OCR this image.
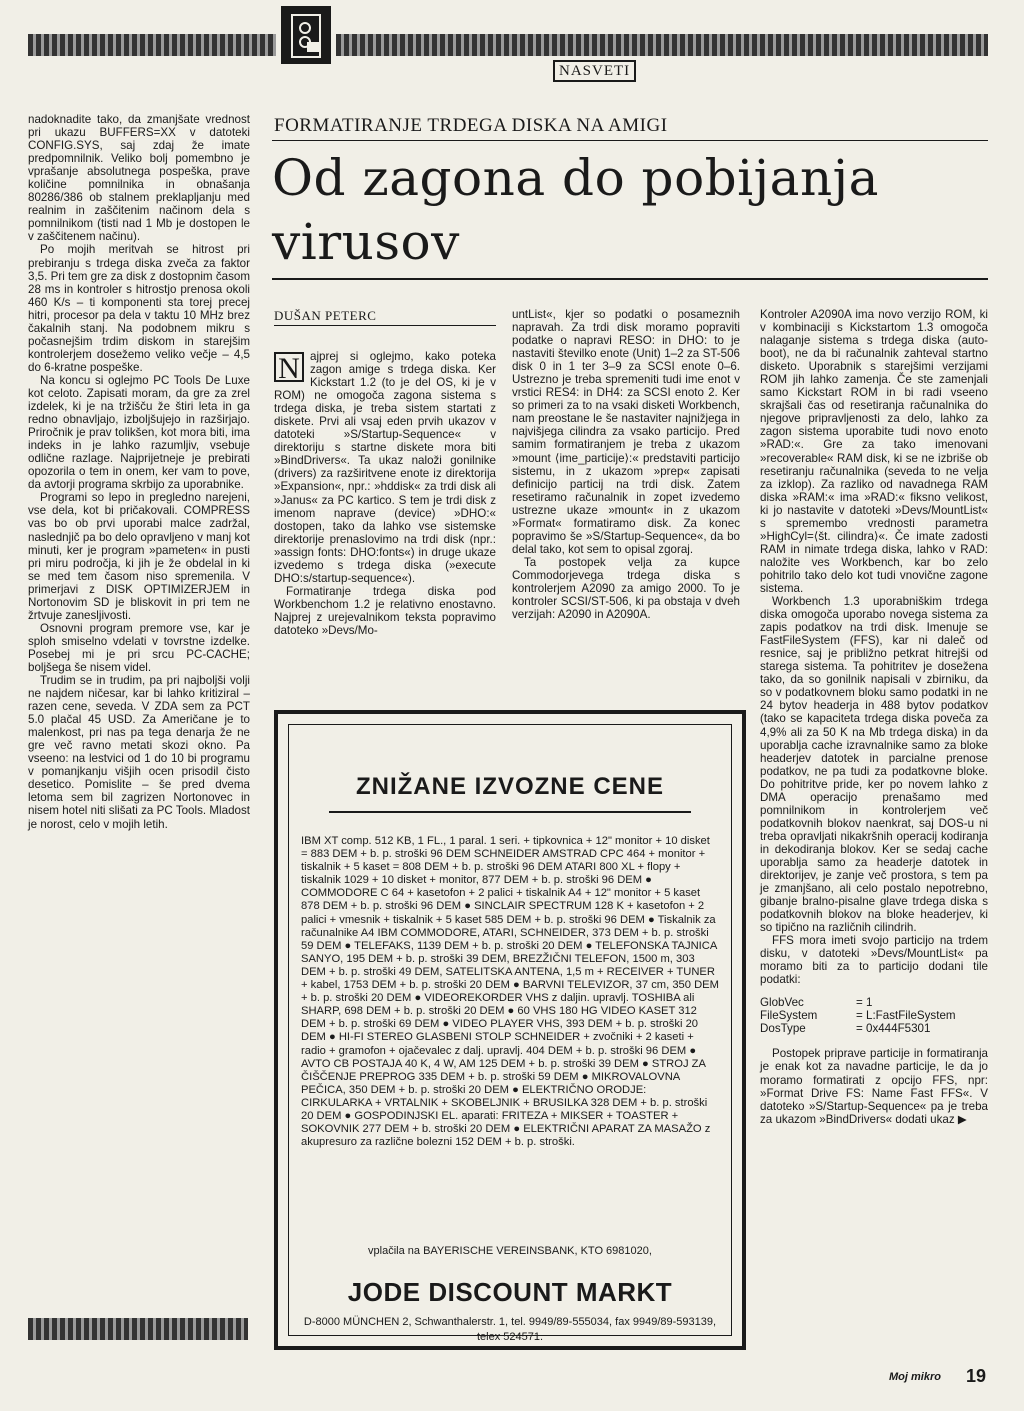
NASVETI

nadoknadite tako, da zmanjšate vrednost pri ukazu BUFFERS=XX v datoteki CONFIG.SYS, saj zdaj že imate predpomnilnik. Veliko bolj pomembno je vprašanje absolutnega pospeška, prave količine pomnilnika in obnašanja 80286/386 ob stalnem preklapljanju med realnim in zaščitenim načinom dela s pomnilnikom (tisti nad 1 Mb je dostopen le v zaščitenem načinu).

Po mojih meritvah se hitrost pri prebiranju s trdega diska zveča za faktor 3,5. Pri tem gre za disk z dostopnim časom 28 ms in kontroler s hitrostjo prenosa okoli 460 K/s – ti komponenti sta torej precej hitri, procesor pa dela v taktu 10 MHz brez čakalnih stanj. Na podobnem mikru s počasnejšim trdim diskom in starejšim kontrolerjem dosežemo veliko večje – 4,5 do 6-kratne pospeške.

Na koncu si oglejmo PC Tools De Luxe kot celoto. Zapisati moram, da gre za zrel izdelek, ki je na tržišču že štiri leta in ga redno obnavljajo, izboljšujejo in razširjajo. Priročnik je prav tolikšen, kot mora biti, ima indeks in je lahko razumljiv, vsebuje odlične razlage. Najprijetneje je prebirati opozorila o tem in onem, ker vam to pove, da avtorji programa skrbijo za uporabnike.

Programi so lepo in pregledno narejeni, vse dela, kot bi pričakovali. COMPRESS vas bo ob prvi uporabi malce zadržal, naslednjič pa bo delo opravljeno v manj kot minuti, ker je program »pameten« in pusti pri miru področja, ki jih je že obdelal in ki se med tem časom niso spremenila. V primerjavi z DISK OPTIMIZERJEM in Nortonovim SD je bliskovit in pri tem ne žrtvuje zanesljivosti.

Osnovni program premore vse, kar je sploh smiselno vdelati v tovrstne izdelke. Posebej mi je pri srcu PC-CACHE; boljšega še nisem videl.

Trudim se in trudim, pa pri najboljši volji ne najdem ničesar, kar bi lahko kritiziral – razen cene, seveda. V ZDA sem za PCT 5.0 plačal 45 USD. Za Američane je to malenkost, pri nas pa tega denarja že ne gre več ravno metati skozi okno. Pa vseeno: na lestvici od 1 do 10 bi programu v pomanjkanju višjih ocen prisodil čisto desetico. Pomislite – še pred dvema letoma sem bil zagrizen Nortonovec in nisem hotel niti slišati za PC Tools. Mladost je norost, celo v mojih letih.

FORMATIRANJE TRDEGA DISKA NA AMIGI
Od zagona do pobijanja virusov
DUŠAN PETERC

N ajprej si oglejmo, kako poteka zagon amige s trdega diska. Ker Kickstart 1.2 (to je del OS, ki je v ROM) ne omogoča zagona sistema s trdega diska, je treba sistem startati z diskete. Prvi ali vsaj eden prvih ukazov v datoteki »S/Startup-Sequence« v direktoriju s startne diskete mora biti »BindDrivers«. Ta ukaz naloži gonilnike (drivers) za razširitvene enote iz direktorija »Expansion«, npr.: »hddisk« za trdi disk ali »Janus« za PC kartico. S tem je trdi disk z imenom naprave (device) »DHO:« dostopen, tako da lahko vse sistemske direktorije prenaslovimo na trdi disk (npr.: »assign fonts: DHO:fonts«) in druge ukaze izvedemo s trdega diska (»execute DHO:s/startup-sequence«).

Formatiranje trdega diska pod Workbenchom 1.2 je relativno enostavno. Najprej z urejevalnikom teksta popravimo datoteko »Devs/Mo-

untList«, kjer so podatki o posameznih napravah. Za trdi disk moramo popraviti podatke o napravi RESO: in DHO: to je nastaviti številko enote (Unit) 1–2 za ST-506 disk 0 in 1 ter 3–9 za SCSI enote 0–6. Ustrezno je treba spremeniti tudi ime enot v vrstici RES4: in DH4: za SCSI enoto 2. Ker so primeri za to na vsaki disketi Workbench, nam preostane le še nastaviter najnižjega in najvišjega cilindra za vsako particijo. Pred samim formatiranjem je treba z ukazom »mount ⟨ime_particije⟩:« predstaviti particijo sistemu, in z ukazom »prep« zapisati definicijo particij na trdi disk. Zatem resetiramo računalnik in zopet izvedemo ustrezne ukaze »mount« in z ukazom »Format« formatiramo disk. Za konec popravimo še »S/Startup-Sequence«, da bo delal tako, kot sem to opisal zgoraj.

Ta postopek velja za kupce Commodorjevega trdega diska s kontrolerjem A2090 za amigo 2000. To je kontroler SCSI/ST-506, ki pa obstaja v dveh verzijah: A2090 in A2090A.

Kontroler A2090A ima novo verzijo ROM, ki v kombinaciji s Kickstartom 1.3 omogoča nalaganje sistema s trdega diska (auto-boot), ne da bi računalnik zahteval startno disketo. Uporabnik s starejšimi verzijami ROM jih lahko zamenja. Če ste zamenjali samo Kickstart ROM in bi radi vseeno skrajšali čas od resetiranja računalnika do njegove pripravljenosti za delo, lahko za zagon sistema uporabite tudi novo enoto »RAD:«. Gre za tako imenovani »recoverable« RAM disk, ki se ne izbriše ob resetiranju računalnika (seveda to ne velja za izklop). Za razliko od navadnega RAM diska »RAM:« ima »RAD:« fiksno velikost, ki jo nastavite v datoteki »Devs/MountList« s spremembo vrednosti parametra »HighCyl=⟨št. cilindra⟩«. Če imate zadosti RAM in nimate trdega diska, lahko v RAD: naložite ves Workbench, kar bo zelo pohitrilo tako delo kot tudi vnovične zagone sistema.

Workbench 1.3 uporabniškim trdega diska omogoča uporabo novega sistema za zapis podatkov na trdi disk. Imenuje se FastFileSystem (FFS), kar ni daleč od resnice, saj je približno petkrat hitrejši od starega sistema. Ta pohitritev je dosežena tako, da so gonilnik napisali v zbirniku, da so v podatkovnem bloku samo podatki in ne 24 bytov headerja in 488 bytov podatkov (tako se kapaciteta trdega diska poveča za 4,9% ali za 50 K na Mb trdega diska) in da uporablja cache izravnalnike samo za bloke headerjev datotek in parcialne prenose podatkov, ne pa tudi za podatkovne bloke. Do pohitritve pride, ker po novem lahko z DMA operacijo prenašamo med pomnilnikom in kontrolerjem več podatkovnih blokov naenkrat, saj DOS-u ni treba opravljati nikakršnih operacij kodiranja in dekodiranja blokov. Ker se sedaj cache uporablja samo za headerje datotek in direktorijev, je zanje več prostora, s tem pa je zmanjšano, ali celo postalo nepotrebno, gibanje bralno-pisalne glave trdega diska s podatkovnih blokov na bloke headerjev, ki so tipično na različnih cilindrih.

FFS mora imeti svojo particijo na trdem disku, v datoteki »Devs/MountList« pa moramo biti za to particijo dodani tile podatki:

GlobVec	= 1
FileSystem	= L:FastFileSystem
DosType	= 0x444F5301

Postopek priprave particije in formatiranja je enak kot za navadne particije, le da jo moramo formatirati z opcijo FFS, npr: »Format Drive FS: Name Fast FFS«. V datoteko »S/Startup-Sequence« pa je treba za ukazom »BindDrivers« dodati ukaz ▶

ZNIŽANE IZVOZNE CENE
IBM XT comp. 512 KB, 1 FL., 1 paral. 1 seri. + tipkovnica + 12" monitor + 10 disket = 883 DEM + b. p. stroški 96 DEM SCHNEIDER AMSTRAD CPC 464 + monitor + tiskalnik + 5 kaset = 808 DEM + b. p. stroški 96 DEM ATARI 800 XL + flopy + tiskalnik 1029 + 10 disket + monitor, 877 DEM + b. p. stroški 96 DEM ● COMMODORE C 64 + kasetofon + 2 palici + tiskalnik A4 + 12" monitor + 5 kaset 878 DEM + b. p. stroški 96 DEM ● SINCLAIR SPECTRUM 128 K + kasetofon + 2 palici + vmesnik + tiskalnik + 5 kaset 585 DEM + b. p. stroški 96 DEM ● Tiskalnik za računalnike A4 IBM COMMODORE, ATARI, SCHNEIDER, 373 DEM + b. p. stroški 59 DEM ● TELEFAKS, 1139 DEM + b. p. stroški 20 DEM ● TELEFONSKA TAJNICA SANYO, 195 DEM + b. p. stroški 39 DEM, BREZŽIČNI TELEFON, 1500 m, 303 DEM + b. p. stroški 49 DEM, SATELITSKA ANTENA, 1,5 m + RECEIVER + TUNER + kabel, 1753 DEM + b. p. stroški 20 DEM ● BARVNI TELEVIZOR, 37 cm, 350 DEM + b. p. stroški 20 DEM ● VIDEOREKORDER VHS z daljin. upravlj. TOSHIBA ali SHARP, 698 DEM + b. p. stroški 20 DEM ● 60 VHS 180 HG VIDEO KASET 312 DEM + b. p. stroški 69 DEM ● VIDEO PLAYER VHS, 393 DEM + b. p. stroški 20 DEM ● HI-FI STEREO GLASBENI STOLP SCHNEIDER + zvočniki + 2 kaseti + radio + gramofon + ojačevalec z dalj. upravlj. 404 DEM + b. p. stroški 96 DEM ● AVTO CB POSTAJA 40 K, 4 W, AM 125 DEM + b. p. stroški 39 DEM ● STROJ ZA ČIŠČENJE PREPROG 335 DEM + b. p. stroški 59 DEM ● MIKROVALOVNA PEČICA, 350 DEM + b. p. stroški 20 DEM ● ELEKTRIČNO ORODJE: CIRKULARKA + VRTALNIK + SKOBELJNIK + BRUSILKA 328 DEM + b. p. stroški 20 DEM ● GOSPODINJSKI EL. aparati: FRITEZA + MIKSER + TOASTER + SOKOVNIK 277 DEM + b. stroški 20 DEM ● ELEKTRIČNI APARAT ZA MASAŽO z akupresuro za različne bolezni 152 DEM + b. p. stroški.
vplačila na BAYERISCHE VEREINSBANK, KTO 6981020,
JODE DISCOUNT MARKT
D-8000 MÜNCHEN 2, Schwanthalerstr. 1, tel. 9949/89-555034, fax 9949/89-593139, telex 524571.
Moj mikro 19
